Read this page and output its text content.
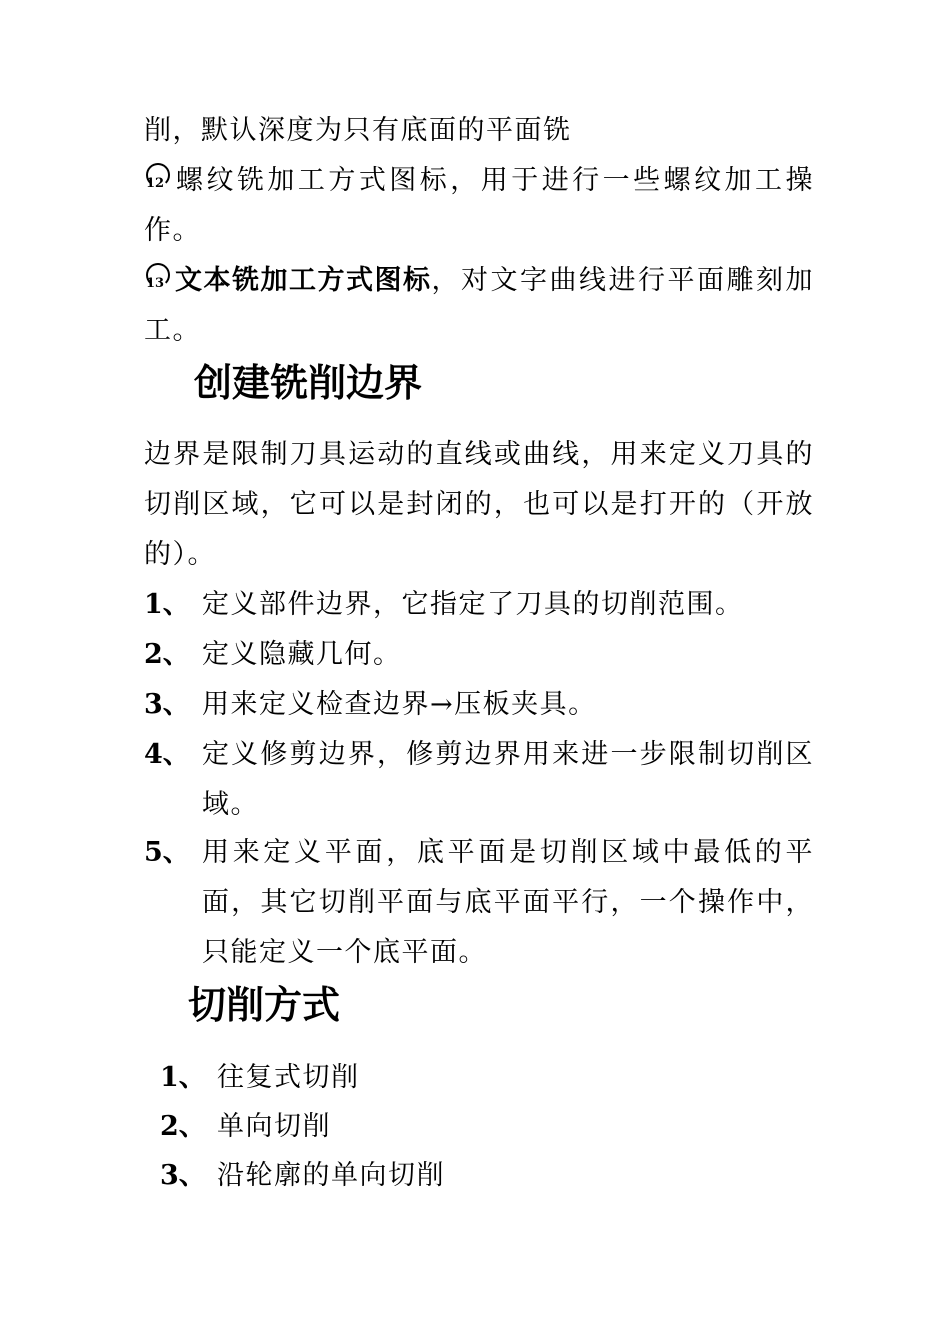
削，默认深度为只有底面的平面铣

12 螺纹铣加工方式图标，用于进行一些螺纹加工操作。

13 文本铣加工方式图标，对文字曲线进行平面雕刻加工。

创建铣削边界

边界是限制刀具运动的直线或曲线，用来定义刀具的切削区域，它可以是封闭的，也可以是打开的（开放的）。

1、 定义部件边界，它指定了刀具的切削范围。
2、 定义隐藏几何。
3、 用来定义检查边界→压板夹具。
4、 定义修剪边界，修剪边界用来进一步限制切削区域。
5、 用来定义平面，底平面是切削区域中最低的平面，其它切削平面与底平面平行，一个操作中，只能定义一个底平面。
切削方式
1、 往复式切削
2、 单向切削
3、 沿轮廓的单向切削
